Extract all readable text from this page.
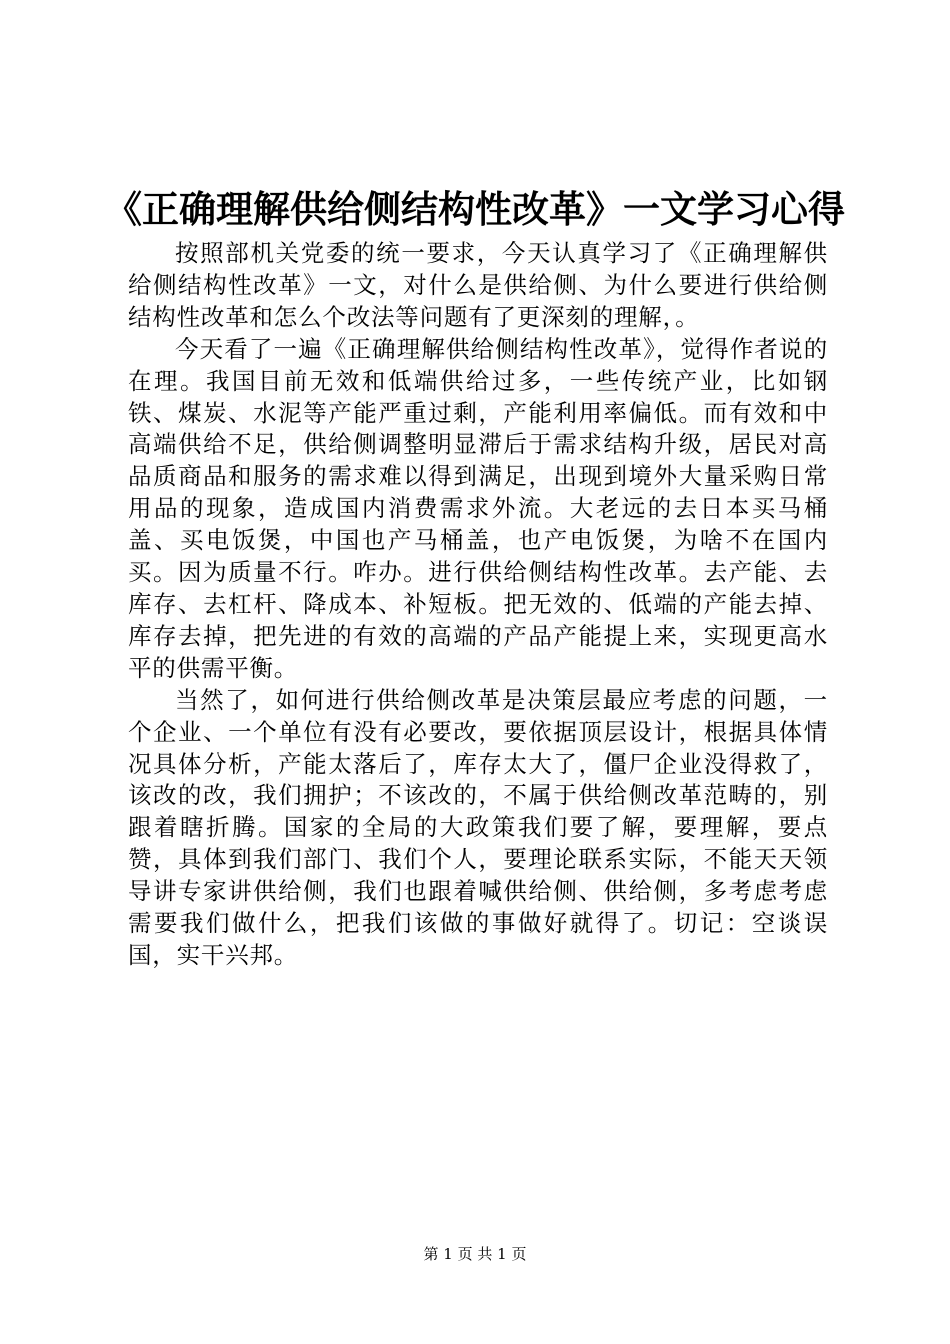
《正确理解供给侧结构性改革》一文学习心得

按照部机关党委的统一要求，今天认真学习了《正确理解供给侧结构性改革》一文，对什么是供给侧、为什么要进行供给侧结构性改革和怎么个改法等问题有了更深刻的理解，。

今天看了一遍《正确理解供给侧结构性改革》，觉得作者说的在理。我国目前无效和低端供给过多，一些传统产业，比如钢铁、煤炭、水泥等产能严重过剩，产能利用率偏低。而有效和中高端供给不足，供给侧调整明显滞后于需求结构升级，居民对高品质商品和服务的需求难以得到满足，出现到境外大量采购日常用品的现象，造成国内消费需求外流。大老远的去日本买马桶盖、买电饭煲，中国也产马桶盖，也产电饭煲，为啥不在国内买。因为质量不行。咋办。进行供给侧结构性改革。去产能、去库存、去杠杆、降成本、补短板。把无效的、低端的产能去掉、库存去掉，把先进的有效的高端的产品产能提上来，实现更高水平的供需平衡。

当然了，如何进行供给侧改革是决策层最应考虑的问题，一个企业、一个单位有没有必要改，要依据顶层设计，根据具体情况具体分析，产能太落后了，库存太大了，僵尸企业没得救了，该改的改，我们拥护；不该改的，不属于供给侧改革范畴的，别跟着瞎折腾。国家的全局的大政策我们要了解，要理解，要点赞，具体到我们部门、我们个人，要理论联系实际，不能天天领导讲专家讲供给侧，我们也跟着喊供给侧、供给侧，多考虑考虑需要我们做什么，把我们该做的事做好就得了。切记：空谈误国，实干兴邦。

第 1 页 共 1 页
